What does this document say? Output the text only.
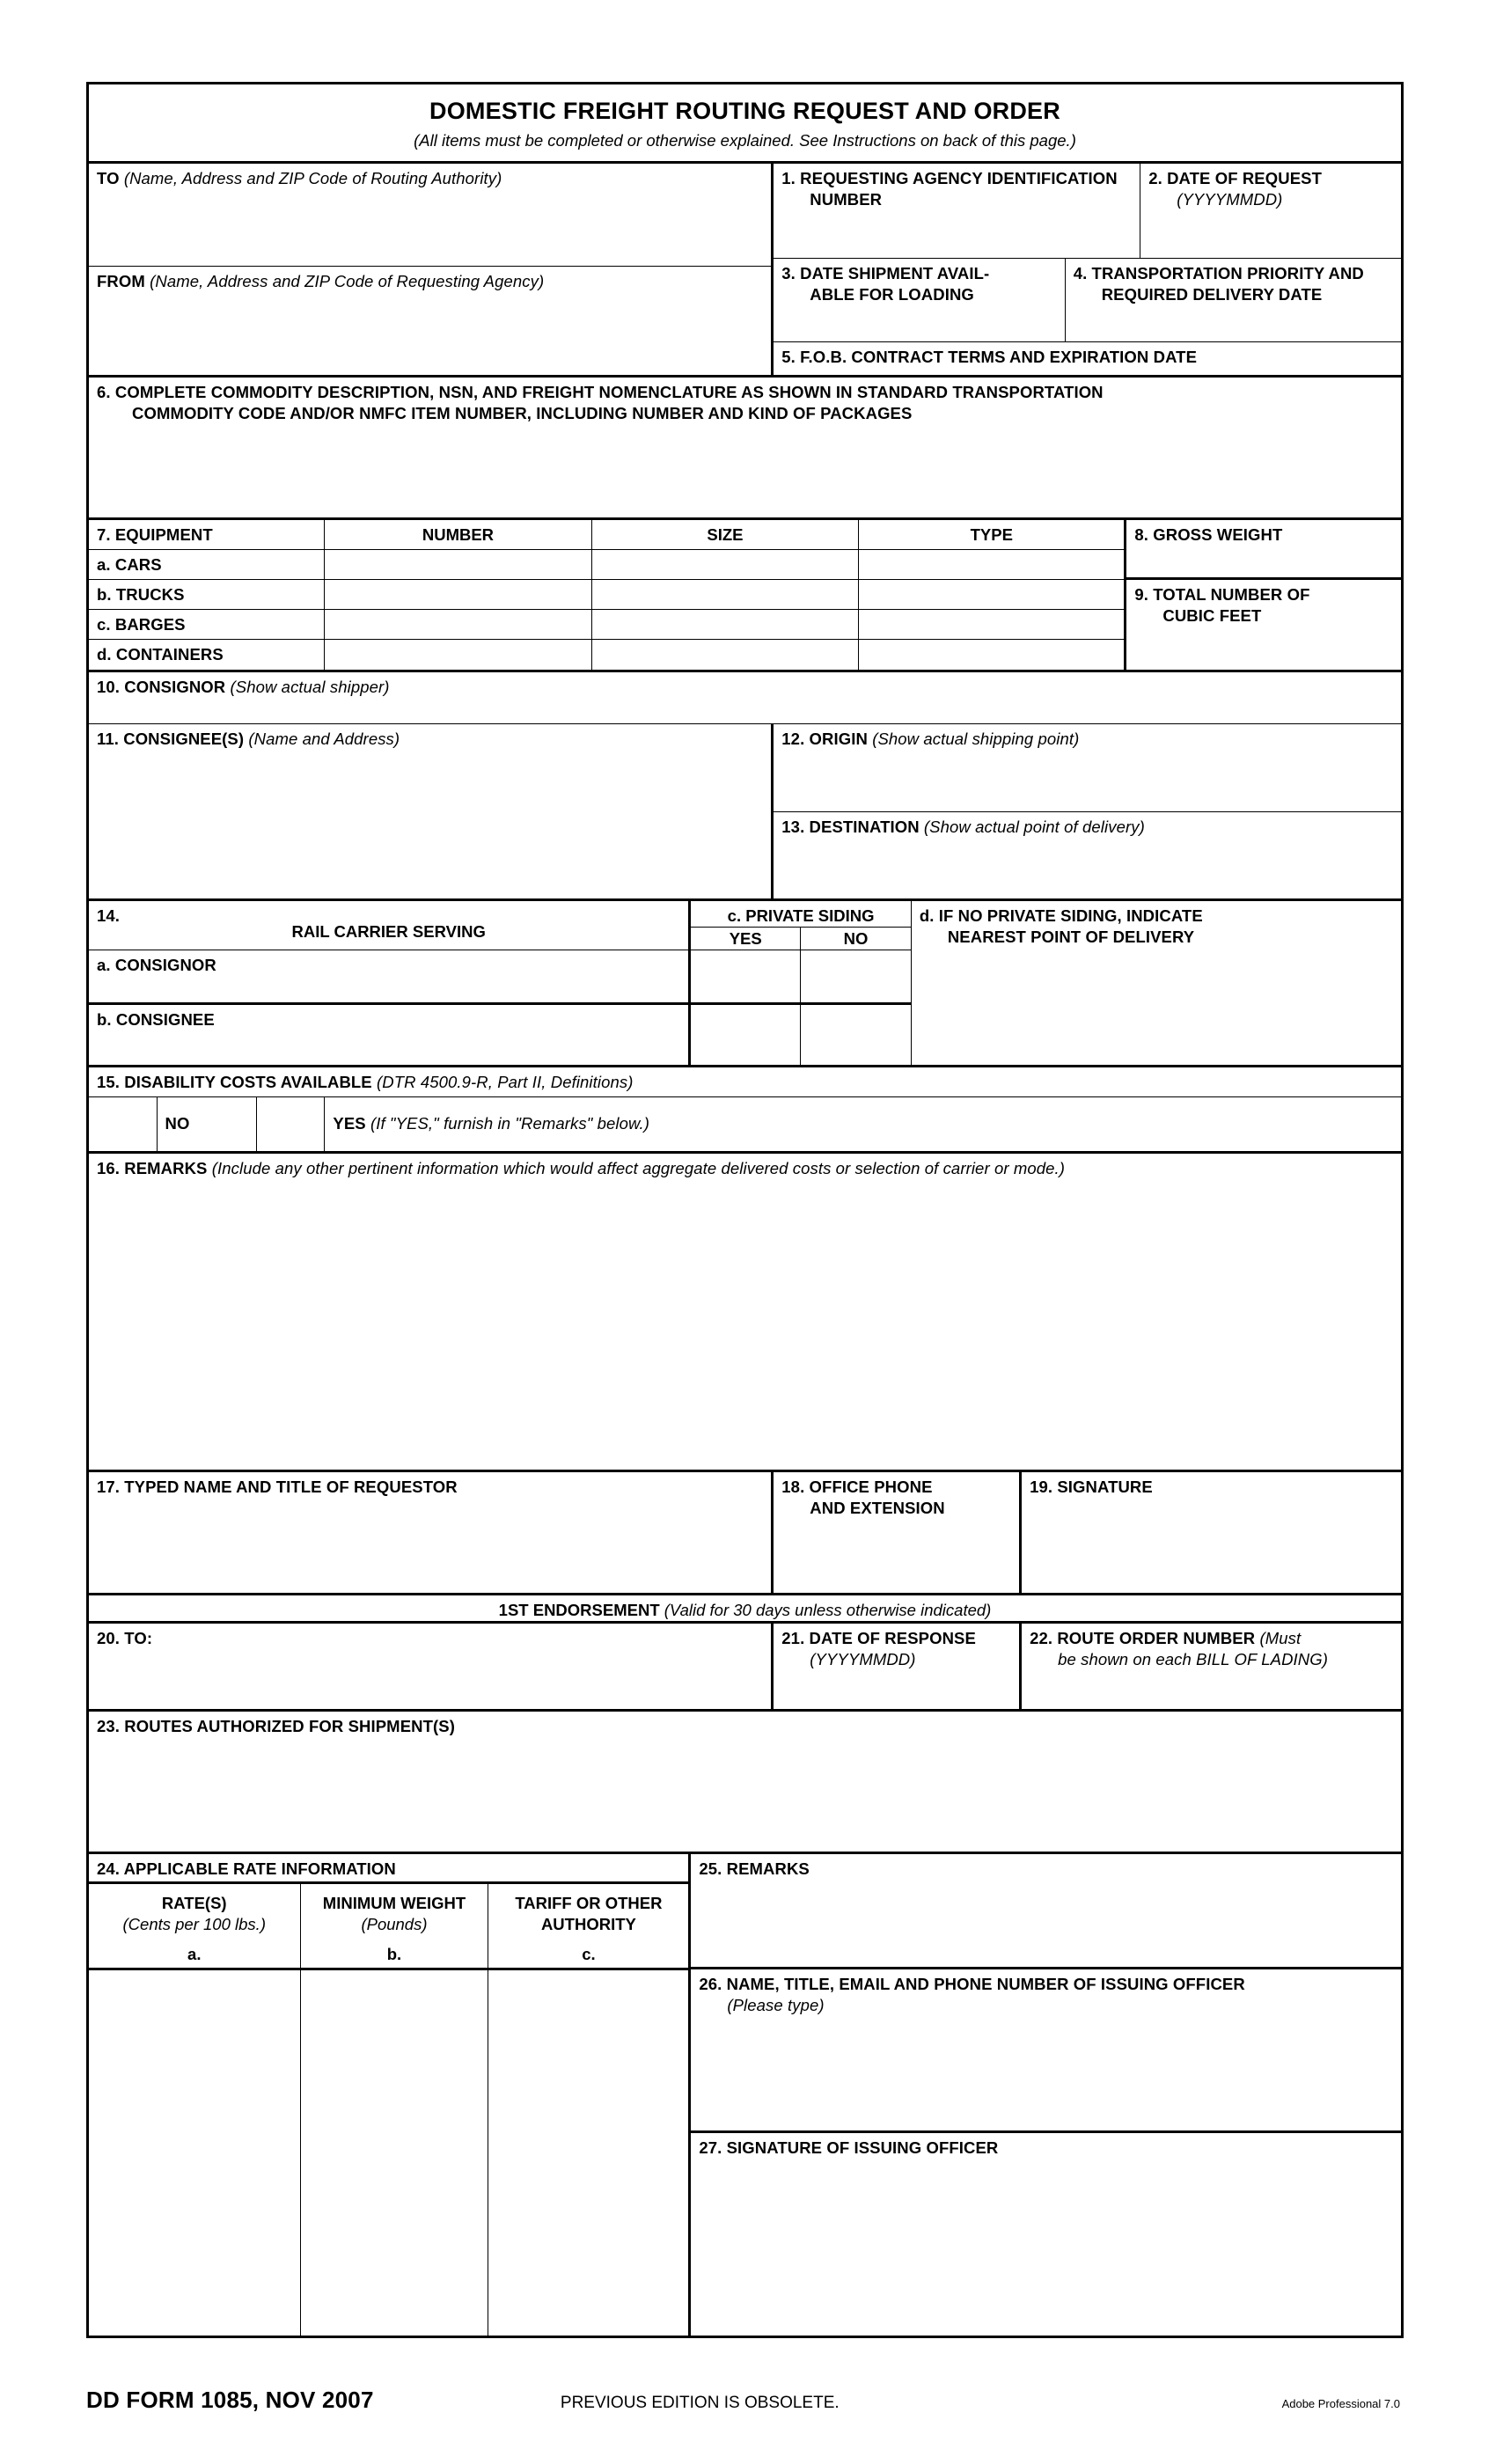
DOMESTIC FREIGHT ROUTING REQUEST AND ORDER
(All items must be completed or otherwise explained. See Instructions on back of this page.)
TO (Name, Address and ZIP Code of Routing Authority)
FROM (Name, Address and ZIP Code of Requesting Agency)
1. REQUESTING AGENCY IDENTIFICATION
NUMBER
2. DATE OF REQUEST
(YYYYMMDD)
3. DATE SHIPMENT AVAIL-
ABLE FOR LOADING
4. TRANSPORTATION PRIORITY AND
REQUIRED DELIVERY DATE
5. F.O.B. CONTRACT TERMS AND EXPIRATION DATE
6. COMPLETE COMMODITY DESCRIPTION, NSN, AND FREIGHT NOMENCLATURE AS SHOWN IN STANDARD TRANSPORTATION
COMMODITY CODE AND/OR NMFC ITEM NUMBER, INCLUDING NUMBER AND KIND OF PACKAGES
7. EQUIPMENT	NUMBER	SIZE	TYPE
a. CARS
b. TRUCKS
c. BARGES
d. CONTAINERS
8. GROSS WEIGHT
9. TOTAL NUMBER OF
CUBIC FEET
10. CONSIGNOR (Show actual shipper)
11. CONSIGNEE(S) (Name and Address)	12. ORIGIN (Show actual shipping point)
13. DESTINATION (Show actual point of delivery)
14.
RAIL CARRIER SERVING
a. CONSIGNOR
b. CONSIGNEE
c. PRIVATE SIDING
YES	NO
d. IF NO PRIVATE SIDING, INDICATE
NEAREST POINT OF DELIVERY
15. DISABILITY COSTS AVAILABLE (DTR 4500.9-R, Part II, Definitions)
NO	YES (If "YES," furnish in "Remarks" below.)
16. REMARKS (Include any other pertinent information which would affect aggregate delivered costs or selection of carrier or mode.)
17. TYPED NAME AND TITLE OF REQUESTOR	18. OFFICE PHONE
AND EXTENSION
19. SIGNATURE
1ST ENDORSEMENT (Valid for 30 days unless otherwise indicated)
20. TO:	21. DATE OF RESPONSE
(YYYYMMDD)
22. ROUTE ORDER NUMBER (Must
be shown on each BILL OF LADING)
23. ROUTES AUTHORIZED FOR SHIPMENT(S)
24. APPLICABLE RATE INFORMATION
RATE(S)
(Cents per 100 lbs.)
a.
MINIMUM WEIGHT
(Pounds)
b.
TARIFF OR OTHER
AUTHORITY
c.
25. REMARKS
26. NAME, TITLE, EMAIL AND PHONE NUMBER OF ISSUING OFFICER
(Please type)
27. SIGNATURE OF ISSUING OFFICER
DD FORM 1085, NOV 2007	PREVIOUS EDITION IS OBSOLETE.	Adobe Professional 7.0
